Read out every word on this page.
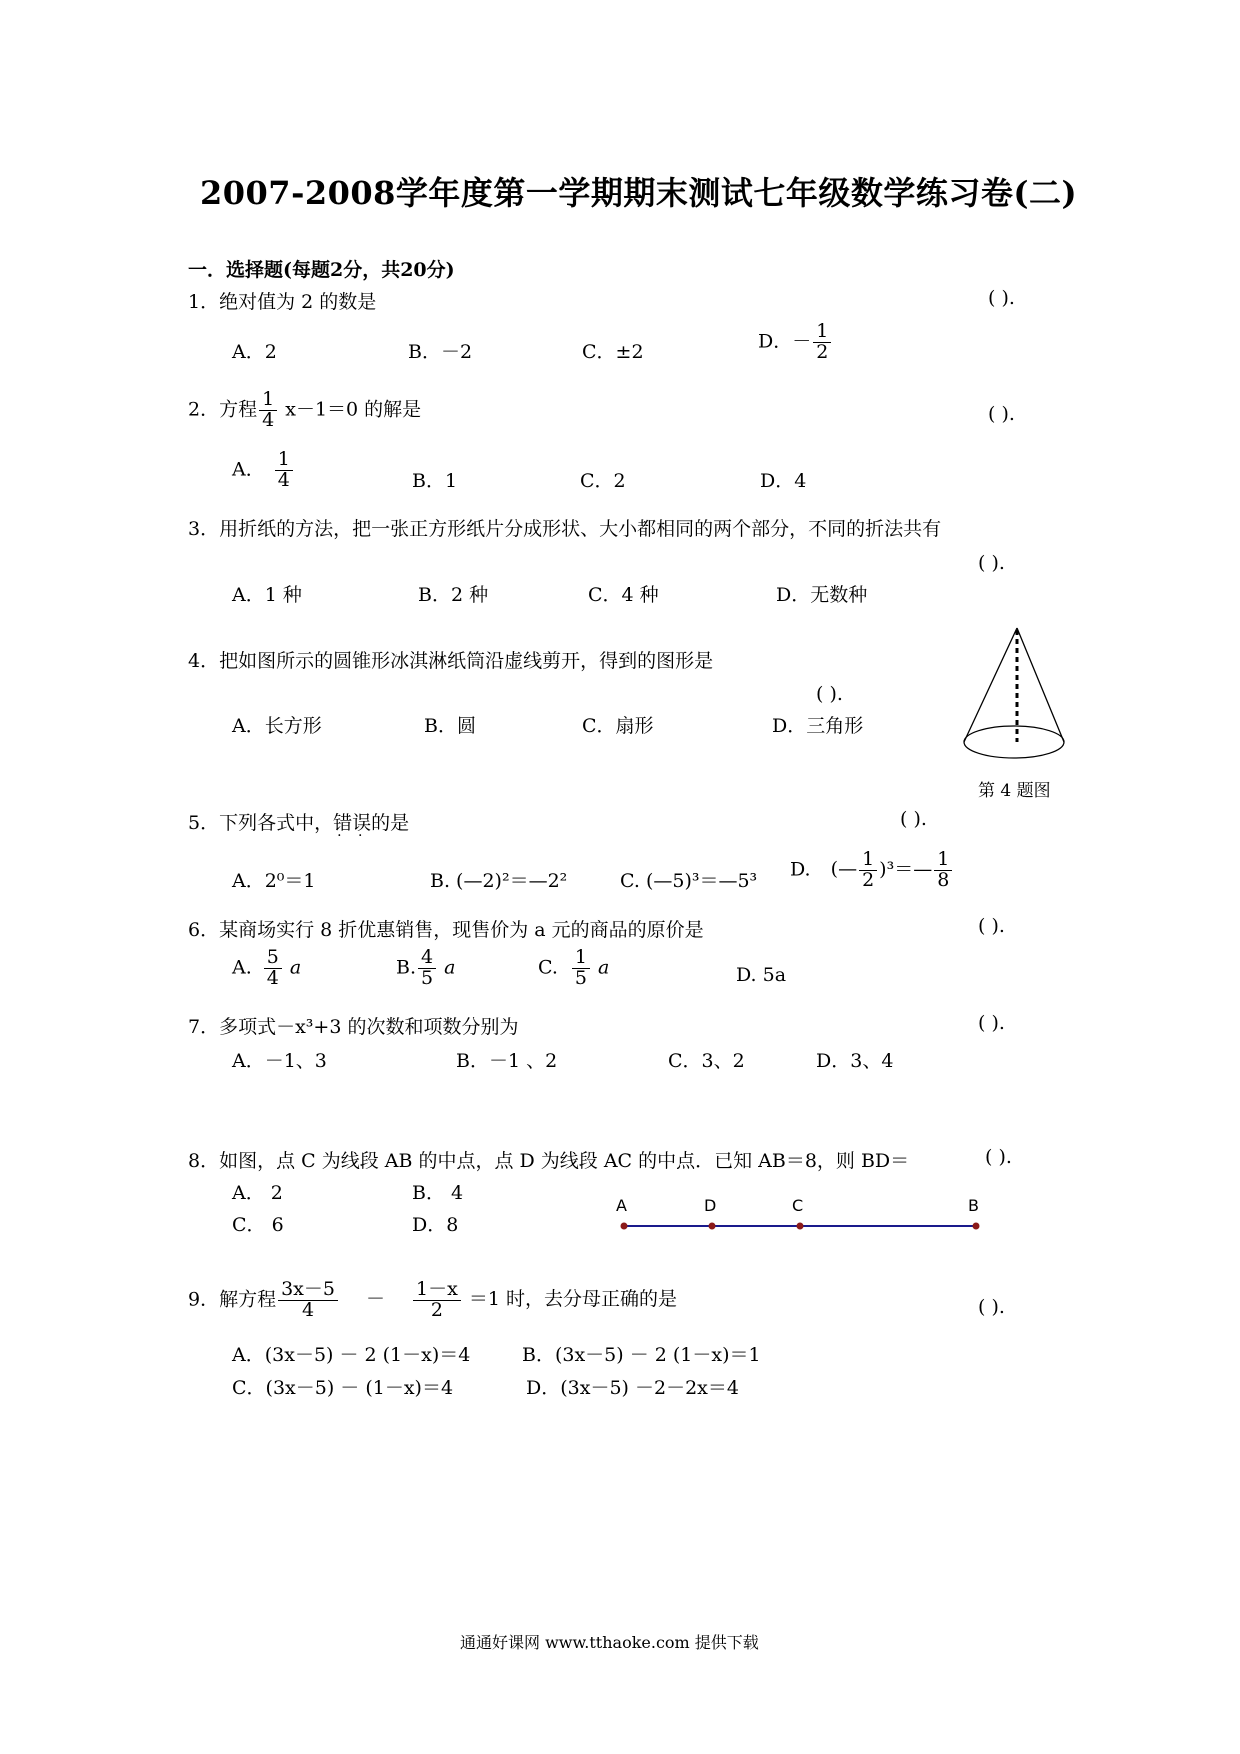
2007-2008学年度第一学期期末测试七年级数学练习卷(二)
一．选择题(每题2分，共20分)
1．绝对值为 2 的数是	( ).
A．2	B．－2	C．±2	D．－ $\frac{1}{2}$
2．方程 $\frac{1}{4} x-1=0$ 的解是	( ).
A． $\frac{1}{4}$	B．1	C．2	D．4
3．用折纸的方法，把一张正方形纸片分成形状、大小都相同的两个部分，不同的折法共有
( ).
A．1 种	B．2 种	C．4 种	D．无数种
4．把如图所示的圆锥形冰淇淋纸筒沿虚线剪开，得到的图形是
( ).
A．长方形	B．圆	C．扇形	D．三角形
第 4 题图
5．下列各式中，错误 · ·的是	( ).
A．2⁰＝1	B. (—2)²＝—2²	C. (—5)³＝—5³
D. (— $\frac{1}{2}$ )³＝— $\frac{1}{8}$
6．某商场实行 8 折优惠销售，现售价为 a 元的商品的原价是	( ).
A. $\frac{5}{4}$ a	B. $\frac{4}{5}$ a	C. $\frac{1}{5}$ a	D. 5a
7．多项式－x³+3 的次数和项数分别为	( ).
A．－1、3	B．－1 、2	C．3、2	D．3、4
8．如图，点 C 为线段 AB 的中点，点 D 为线段 AC 的中点．已知 AB＝8，则 BD＝	( ).
A． 2	B． 4
C． 6	D．8
A	D	C	B
9．解方程 $\frac{3x-5}{4} - \frac{1-x}{2} =1$ 时，去分母正确的是	( ).
A．(3x－5) － 2 (1－x)＝4	B．(3x－5) － 2 (1－x)＝1
C．(3x－5) － (1－x)＝4	D．(3x－5) －2－2x＝4
通通好课网 www.tthaoke.com 提供下载
